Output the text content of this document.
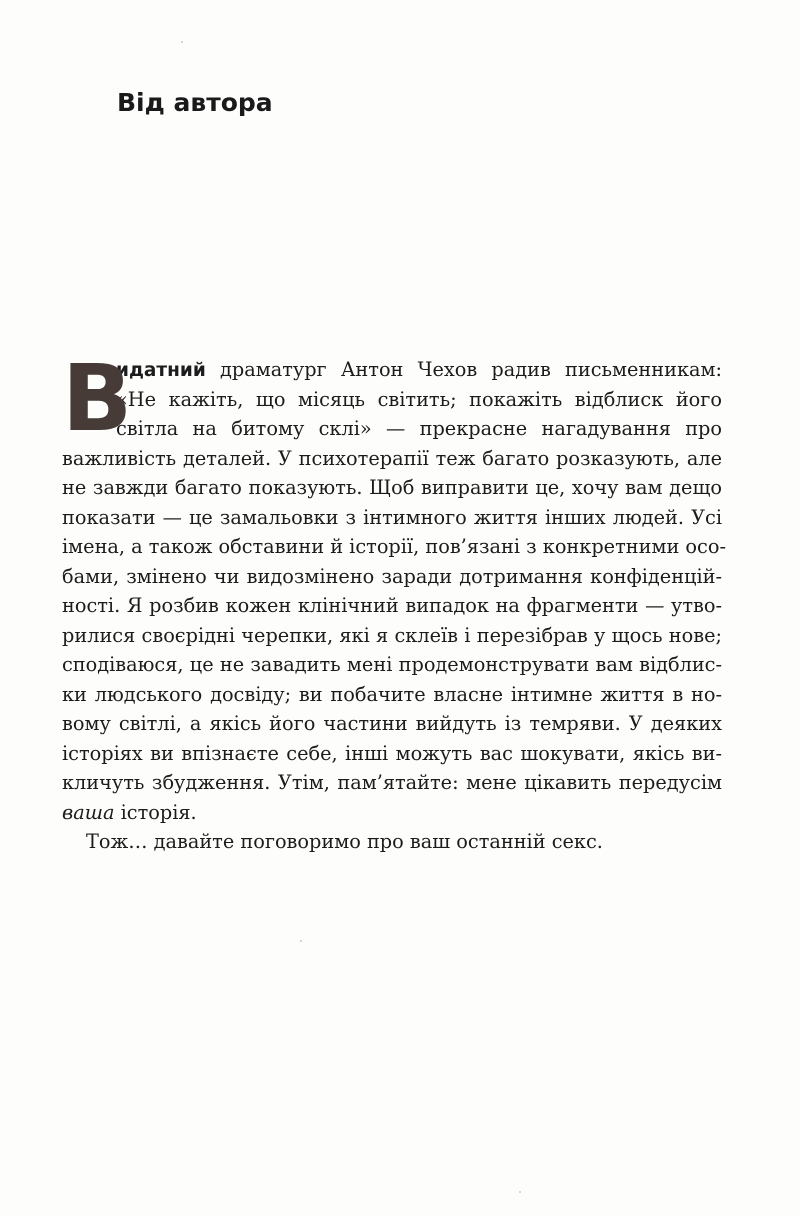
Від автора
В
идатний драматург Антон Чехов радив письменникам:
«Не кажіть, що місяць світить; покажіть відблиск його
світла на битому склі» — прекрасне нагадування про
важливість деталей. У психотерапії теж багато розказують, але
не завжди багато показують. Щоб виправити це, хочу вам дещо
показати — це замальовки з інтимного життя інших людей. Усі
імена, а також обставини й історії, пов’язані з конкретними осо-
бами, змінено чи видозмінено заради дотримання конфіденцій-
ності. Я розбив кожен клінічний випадок на фрагменти — утво-
рилися своєрідні черепки, які я склеїв і перезібрав у щось нове;
сподіваюся, це не завадить мені продемонструвати вам відблис-
ки людського досвіду; ви побачите власне інтимне життя в но-
вому світлі, а якісь його частини вийдуть із темряви. У деяких
історіях ви впізнаєте себе, інші можуть вас шокувати, якісь ви-
кличуть збудження. Утім, пам’ятайте: мене цікавить передусім
ваша історія.
Тож… давайте поговоримо про ваш останній секс.
